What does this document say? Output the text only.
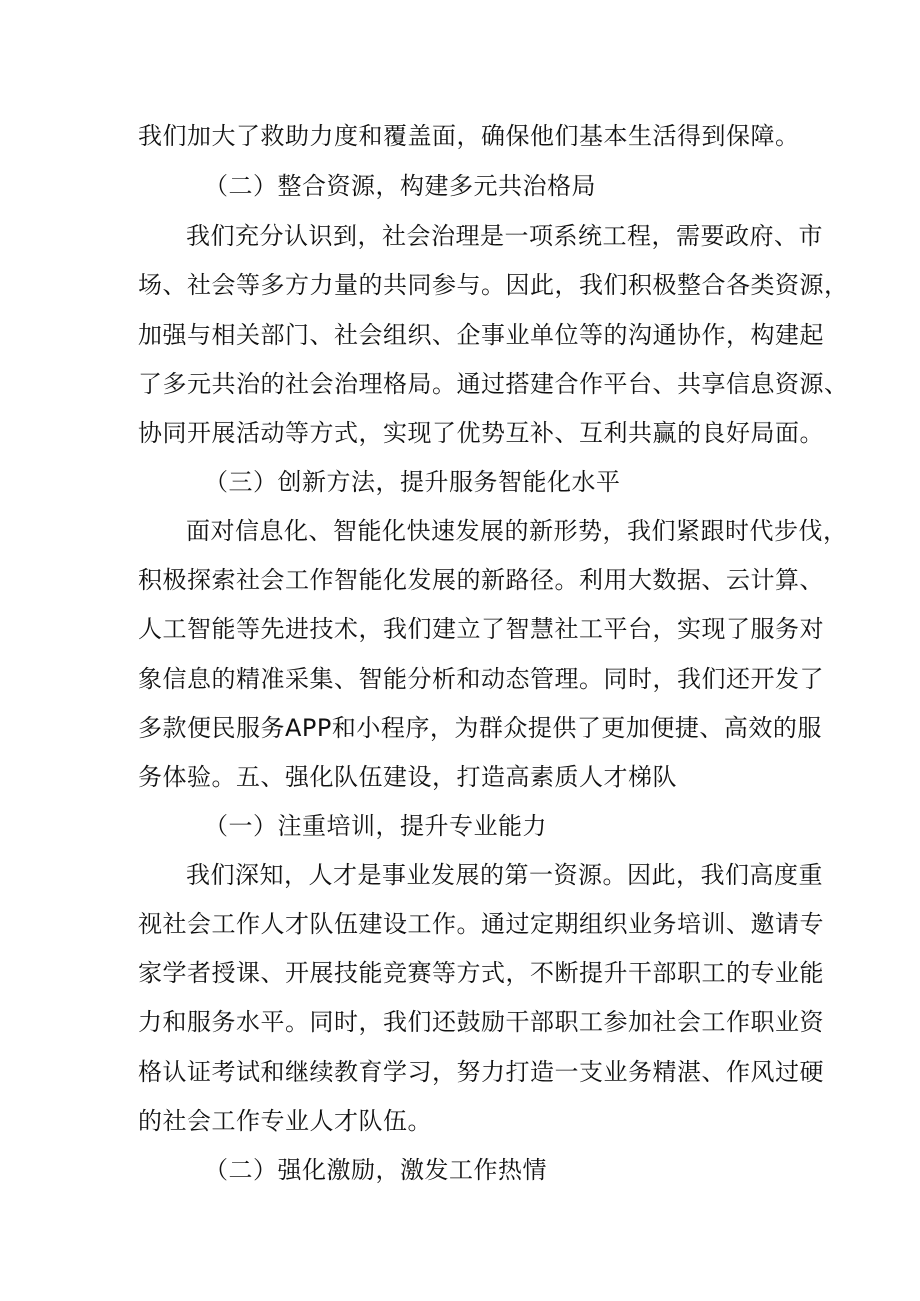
我们加大了救助力度和覆盖面，确保他们基本生活得到保障。
（二）整合资源，构建多元共治格局
我们充分认识到，社会治理是一项系统工程，需要政府、市
场、社会等多方力量的共同参与。因此，我们积极整合各类资源，
加强与相关部门、社会组织、企事业单位等的沟通协作，构建起
了多元共治的社会治理格局。通过搭建合作平台、共享信息资源、
协同开展活动等方式，实现了优势互补、互利共赢的良好局面。
（三）创新方法，提升服务智能化水平
面对信息化、智能化快速发展的新形势，我们紧跟时代步伐，
积极探索社会工作智能化发展的新路径。利用大数据、云计算、
人工智能等先进技术，我们建立了智慧社工平台，实现了服务对
象信息的精准采集、智能分析和动态管理。同时，我们还开发了
多款便民服务APP和小程序，为群众提供了更加便捷、高效的服
务体验。五、强化队伍建设，打造高素质人才梯队
（一）注重培训，提升专业能力
我们深知，人才是事业发展的第一资源。因此，我们高度重
视社会工作人才队伍建设工作。通过定期组织业务培训、邀请专
家学者授课、开展技能竞赛等方式，不断提升干部职工的专业能
力和服务水平。同时，我们还鼓励干部职工参加社会工作职业资
格认证考试和继续教育学习，努力打造一支业务精湛、作风过硬
的社会工作专业人才队伍。
（二）强化激励，激发工作热情
